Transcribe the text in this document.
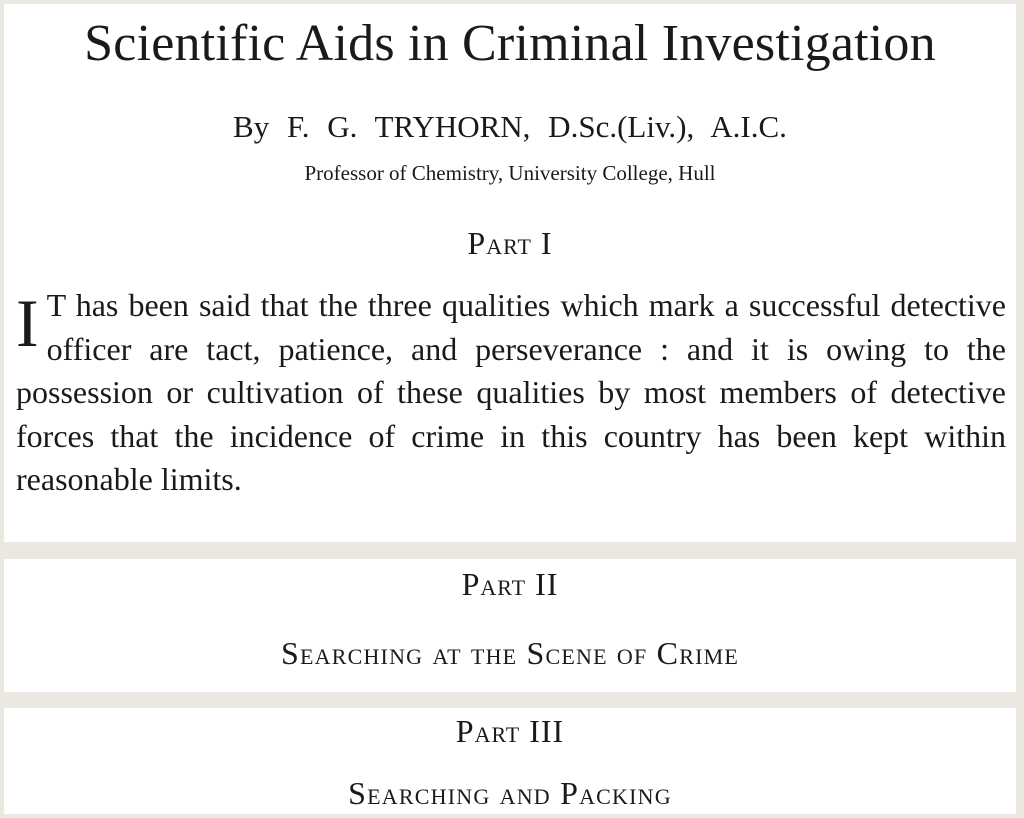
Scientific Aids in Criminal Investigation
By F. G. TRYHORN, D.Sc.(Liv.), A.I.C.
Professor of Chemistry, University College, Hull
Part I
I T has been said that the three qualities which mark a successful detective officer are tact, patience, and perseverance : and it is owing to the possession or cultivation of these qualities by most members of detective forces that the incidence of crime in this country has been kept within reasonable limits.
Part II
Searching at the Scene of Crime
Part III
Searching and Packing
